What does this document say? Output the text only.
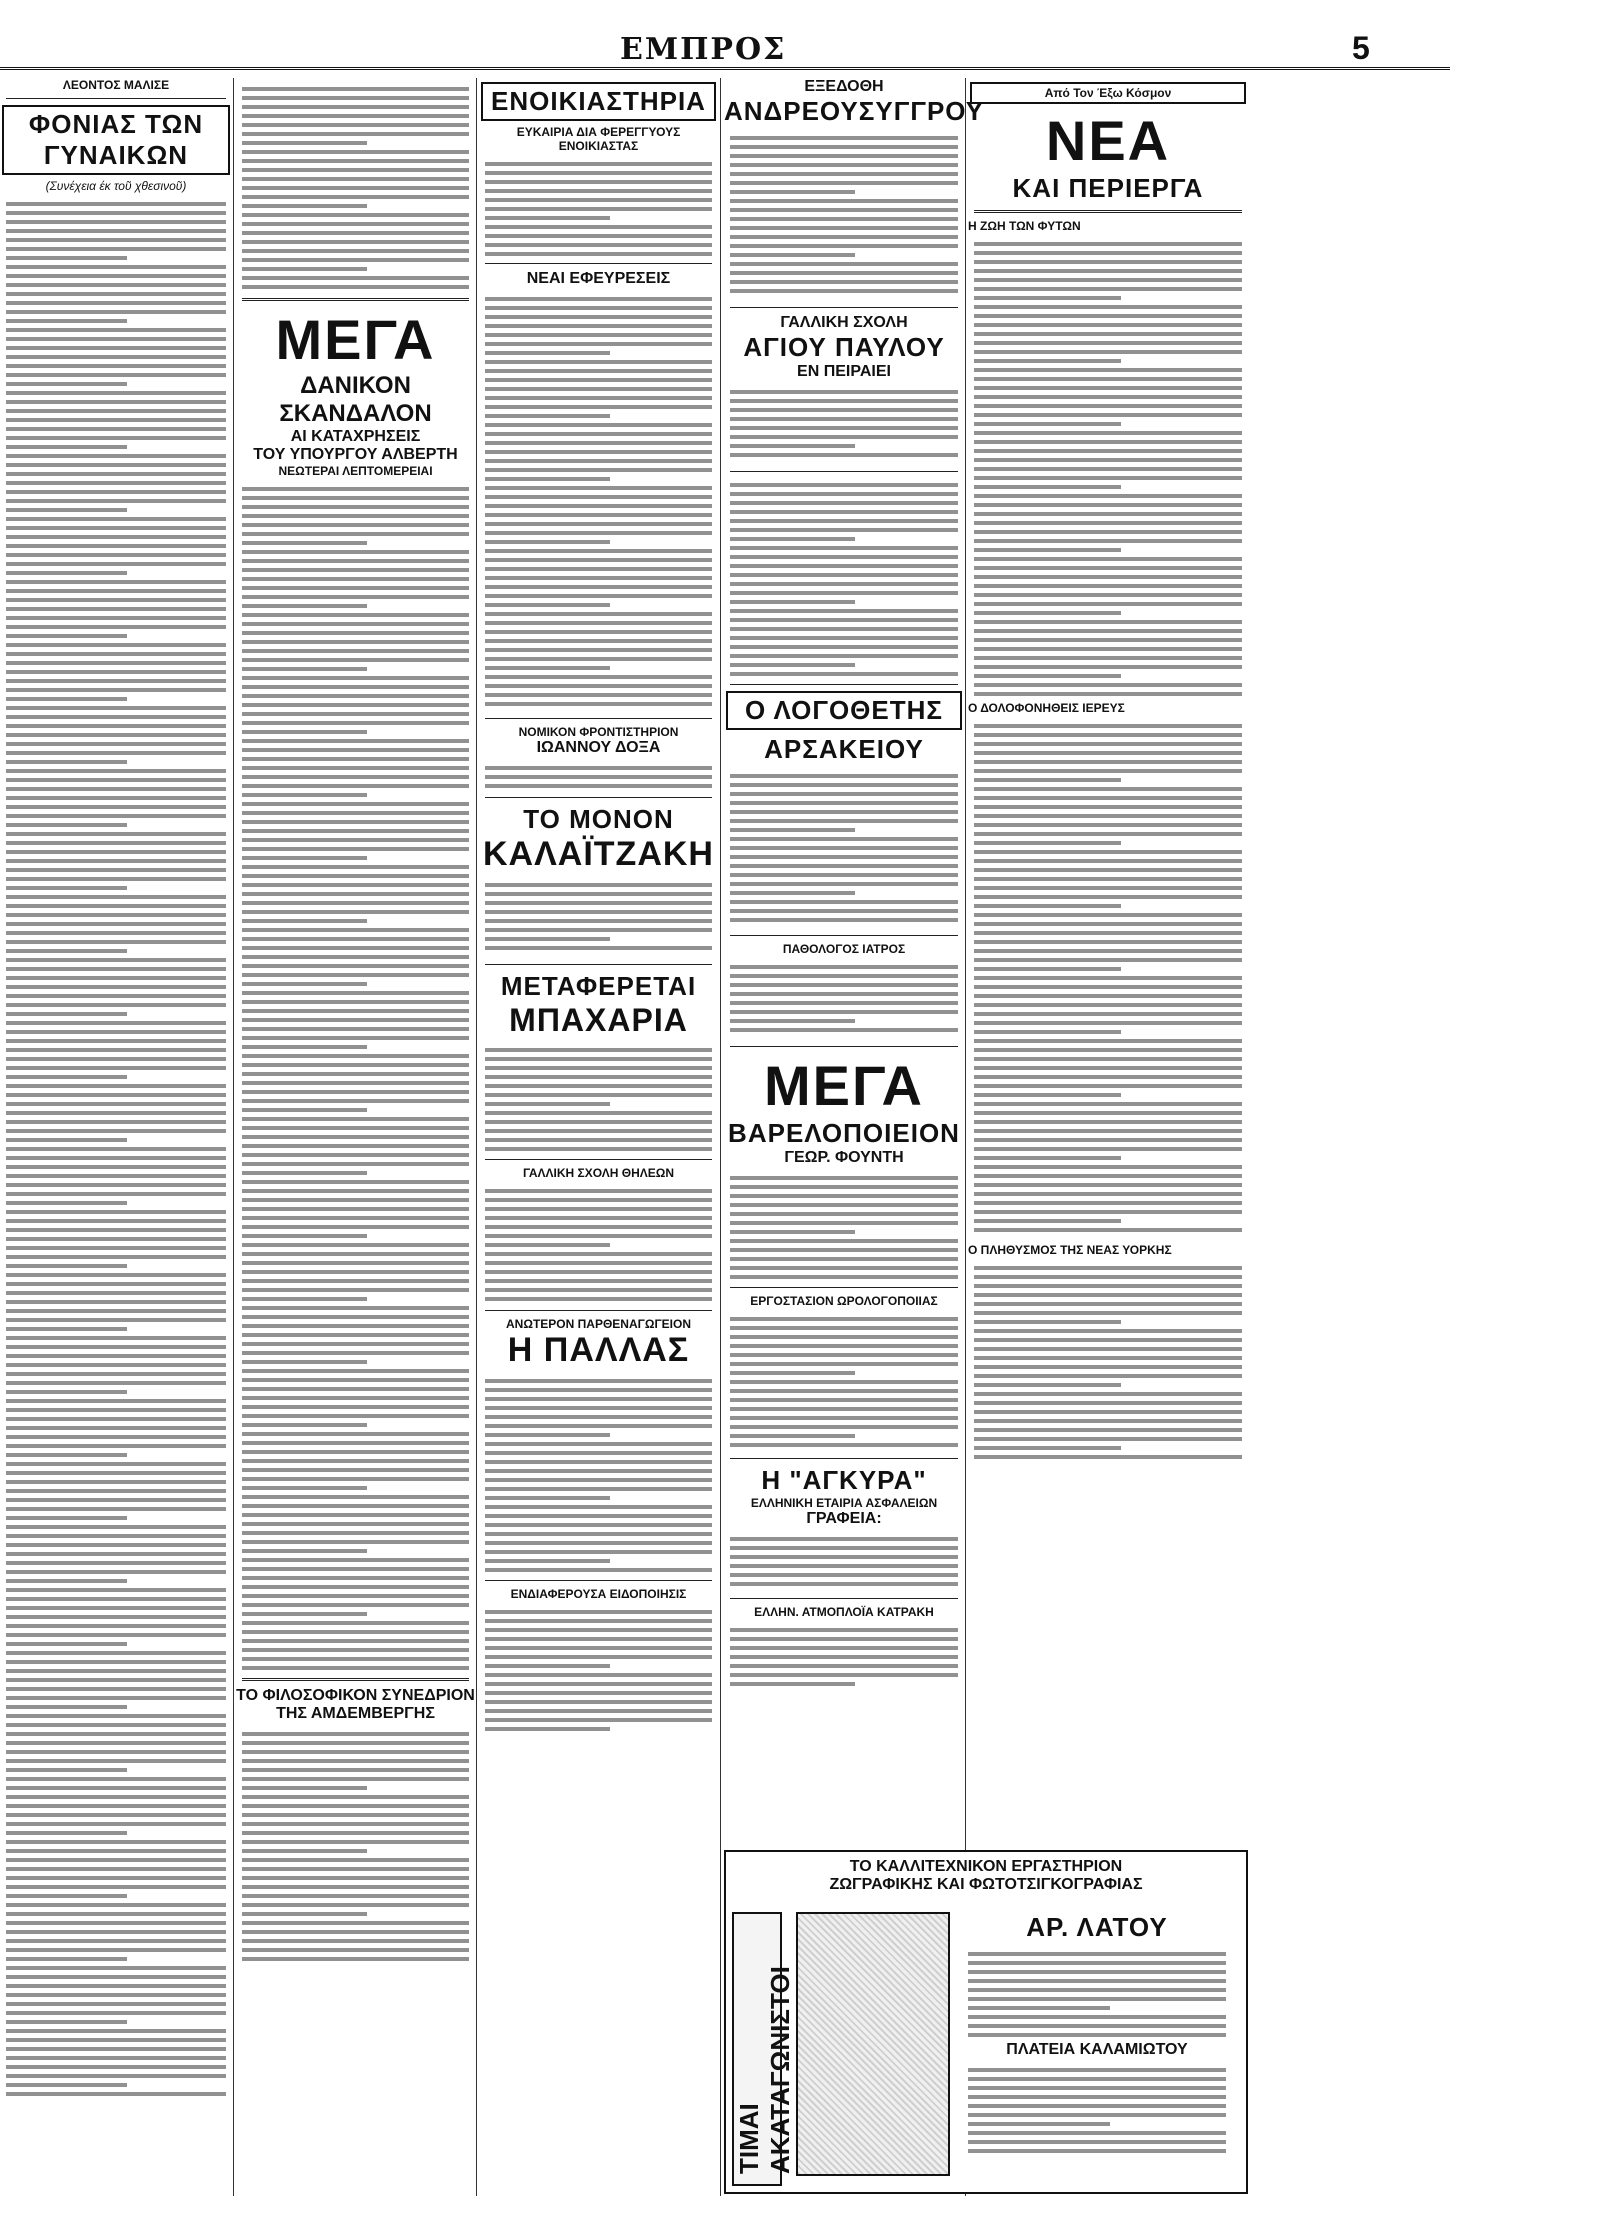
ΕΜΠΡΟΣ	5
ΛΕΟΝΤΟΣ ΜΑΛΙΣΕ
ΦΟΝΙΑΣ ΤΩΝ ΓΥΝΑΙΚΩΝ
(Συνέχεια έκ τοῦ χθεσινοῦ)
ΜΕΓΑ
ΔΑΝΙΚΟΝ ΣΚΑΝΔΑΛΟΝ
ΑΙ ΚΑΤΑΧΡΗΣΕΙΣ
ΤΟΥ ΥΠΟΥΡΓΟΥ ΑΛΒΕΡΤΗ
ΝΕΩΤΕΡΑΙ ΛΕΠΤΟΜΕΡΕΙΑΙ
ΤΟ ΦΙΛΟΣΟΦΙΚΟΝ ΣΥΝΕΔΡΙΟΝ
ΤΗΣ ΑΜΔΕΜΒΕΡΓΗΣ
ΕΝΟΙΚΙΑΣΤΗΡΙΑ
ΕΥΚΑΙΡΙΑ ΔΙΑ ΦΕΡΕΓΓΥΟΥΣ ΕΝΟΙΚΙΑΣΤΑΣ
ΝΕΑΙ ΕΦΕΥΡΕΣΕΙΣ
ΝΟΜΙΚΟΝ ΦΡΟΝΤΙΣΤΗΡΙΟΝ
ΙΩΑΝΝΟΥ ΔΟΞΑ
ΤΟ ΜΟΝΟΝ
ΚΑΛΑΪΤΖΑΚΗ
ΜΕΤΑΦΕΡΕΤΑΙ
ΜΠΑΧΑΡΙΑ
ΓΑΛΛΙΚΗ ΣΧΟΛΗ ΘΗΛΕΩΝ
ΑΝΩΤΕΡΟΝ ΠΑΡΘΕΝΑΓΩΓΕΙΟΝ
Η ΠΑΛΛΑΣ
ΕΝΔΙΑΦΕΡΟΥΣΑ ΕΙΔΟΠΟΙΗΣΙΣ
ΕΞΕΔΟΘΗ
ΑΝΔΡΕΟΥΣΥΓΓΡΟΥ
ΓΑΛΛΙΚΗ ΣΧΟΛΗ
ΑΓΙΟΥ ΠΑΥΛΟΥ
ΕΝ ΠΕΙΡΑΙΕΙ
Ο ΛΟΓΟΘΕΤΗΣ
ΑΡΣΑΚΕΙΟΥ
ΠΑΘΟΛΟΓΟΣ ΙΑΤΡΟΣ
ΜΕΓΑ
ΒΑΡΕΛΟΠΟΙΕΙΟΝ
ΓΕΩΡ. ΦΟΥΝΤΗ
ΕΡΓΟΣΤΑΣΙΟΝ ΩΡΟΛΟΓΟΠΟΙΙΑΣ
Η "ΑΓΚΥΡΑ"
ΕΛΛΗΝΙΚΗ ΕΤΑΙΡΙΑ ΑΣΦΑΛΕΙΩΝ
ΓΡΑΦΕΙΑ:
ΕΛΛΗΝ. ΑΤΜΟΠΛΟΪΑ ΚΑΤΡΑΚΗ
ΤΟ ΚΑΛΛΙΤΕΧΝΙΚΟΝ ΕΡΓΑΣΤΗΡΙΟΝ
ΖΩΓΡΑΦΙΚΗΣ ΚΑΙ ΦΩΤΟΤΣΙΓΚΟΓΡΑΦΙΑΣ
ΤΙΜΑΙ ΑΚΑΤΑΓΩΝΙΣΤΟΙ
ΑΡ. ΛΑΤΟΥ
ΠΛΑΤΕΙΑ ΚΑΛΑΜΙΩΤΟΥ
Από Τον Έξω Κόσμον
ΝΕΑ
ΚΑΙ ΠΕΡΙΕΡΓΑ
Η ΖΩΗ ΤΩΝ ΦΥΤΩΝ
Ο ΔΟΛΟΦΟΝΗΘΕΙΣ ΙΕΡΕΥΣ
Ο ΠΛΗΘΥΣΜΟΣ ΤΗΣ ΝΕΑΣ ΥΟΡΚΗΣ
